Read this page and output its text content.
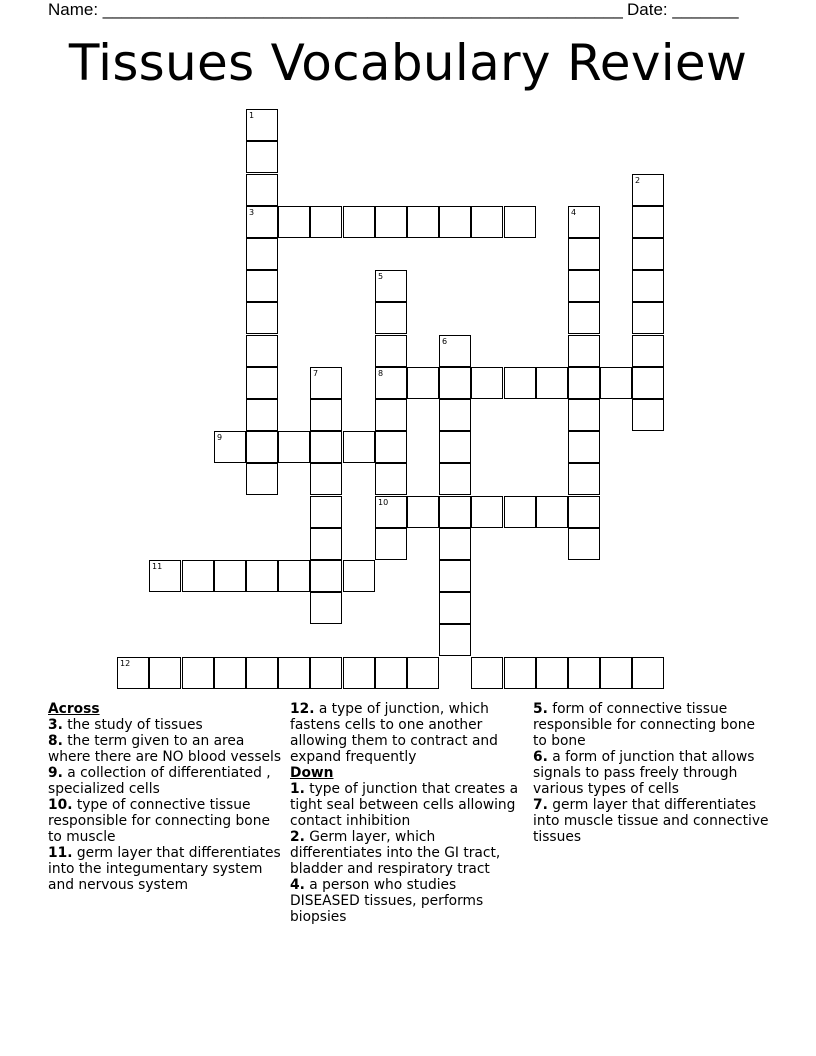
Name: _______________________________________________________ Date: _______
Tissues Vocabulary Review
1
3
2
4
5
6
7	8
9
10
11
12
Across
3. the study of tissues
8. the term given to an area where there are NO blood vessels
9. a collection of differentiated , specialized cells
10. type of connective tissue responsible for connecting bone to muscle
11. germ layer that differentiates into the integumentary system and nervous system
12. a type of junction, which fastens cells to one another allowing them to contract and expand frequently
Down
1. type of junction that creates a tight seal between cells allowing contact inhibition
2. Germ layer, which differentiates into the GI tract, bladder and respiratory tract
4. a person who studies DISEASED tissues, performs biopsies
5. form of connective tissue responsible for connecting bone to bone
6. a form of junction that allows signals to pass freely through various types of cells
7. germ layer that differentiates into muscle tissue and connective tissues
